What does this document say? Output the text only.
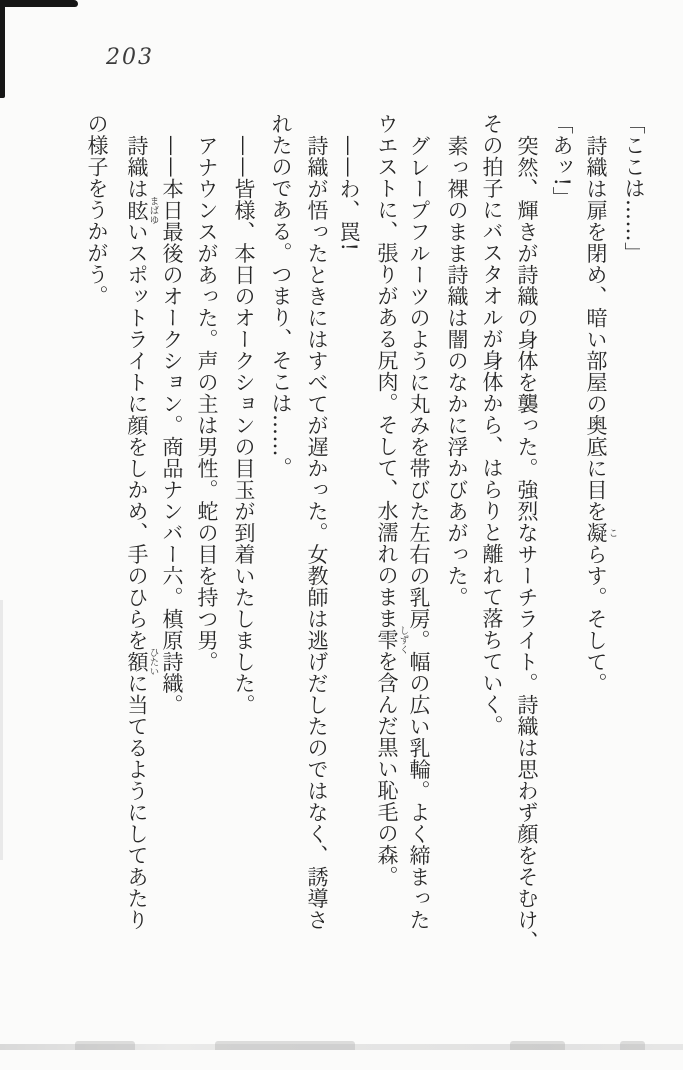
203
「ここは……」
詩織は扉を閉め、暗い部屋の奥底に目を凝こらす。そして。
「あッ!」
突然、輝きが詩織の身体を襲った。強烈なサーチライト。詩織は思わず顔をそむけ、
その拍子にバスタオルが身体から、はらりと離れて落ちていく。
素っ裸のまま詩織は闇のなかに浮かびあがった。
グレープフルーツのように丸みを帯びた左右の乳房。幅の広い乳輪。よく締まった
ウエストに、張りがある尻肉。そして、水濡れのまま雫しずくを含んだ黒い恥毛の森。
——わ、罠!
詩織が悟ったときにはすべてが遅かった。女教師は逃げだしたのではなく、誘導さ
れたのである。つまり、そこは……。
——皆様、本日のオークションの目玉が到着いたしました。
アナウンスがあった。声の主は男性。蛇の目を持つ男。
——本日最後のオークション。商品ナンバー六。槙原詩織。
詩織は眩まばゆいスポットライトに顔をしかめ、手のひらを額ひたいに当てるようにしてあたり
の様子をうかがう。
